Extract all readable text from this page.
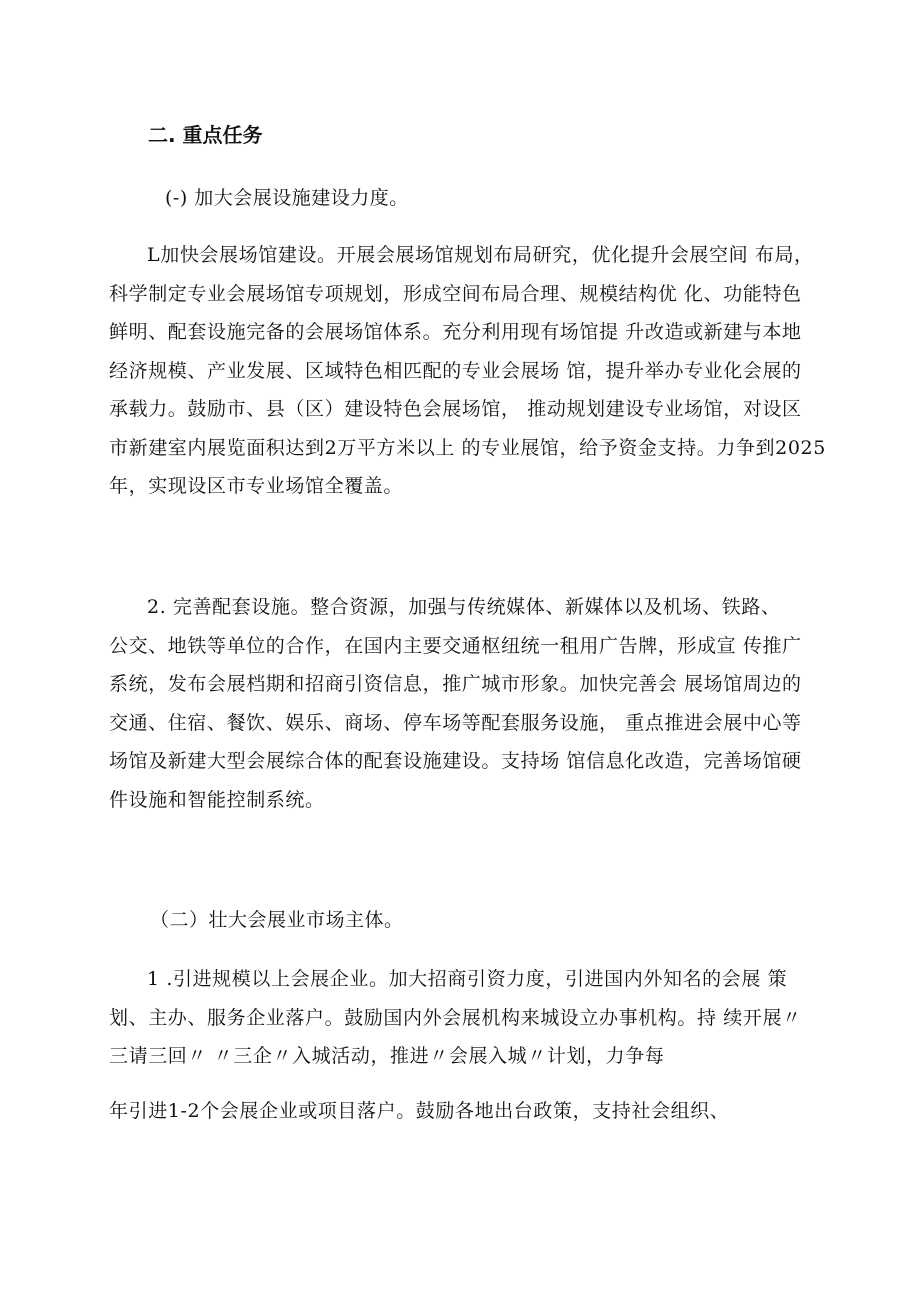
二. 重点任务
(-) 加大会展设施建设力度。
L加快会展场馆建设。开展会展场馆规划布局研究，优化提升会展空间 布局，
科学制定专业会展场馆专项规划，形成空间布局合理、规模结构优 化、功能特色
鲜明、配套设施完备的会展场馆体系。充分利用现有场馆提 升改造或新建与本地
经济规模、产业发展、区域特色相匹配的专业会展场 馆，提升举办专业化会展的
承载力。鼓励市、县（区）建设特色会展场馆， 推动规划建设专业场馆，对设区
市新建室内展览面积达到2万平方米以上 的专业展馆，给予资金支持。力争到2025
年，实现设区市专业场馆全覆盖。
2. 完善配套设施。整合资源，加强与传统媒体、新媒体以及机场、铁路、
公交、地铁等单位的合作，在国内主要交通枢纽统一租用广告牌，形成宣 传推广
系统，发布会展档期和招商引资信息，推广城市形象。加快完善会 展场馆周边的
交通、住宿、餐饮、娱乐、商场、停车场等配套服务设施， 重点推进会展中心等
场馆及新建大型会展综合体的配套设施建设。支持场 馆信息化改造，完善场馆硬
件设施和智能控制系统。
（二）壮大会展业市场主体。
1 .引进规模以上会展企业。加大招商引资力度，引进国内外知名的会展 策
划、主办、服务企业落户。鼓励国内外会展机构来城设立办事机构。持 续开展〃
三请三回〃 〃三企〃入城活动，推进〃会展入城〃计划，力争每
年引进1-2个会展企业或项目落户。鼓励各地出台政策，支持社会组织、
